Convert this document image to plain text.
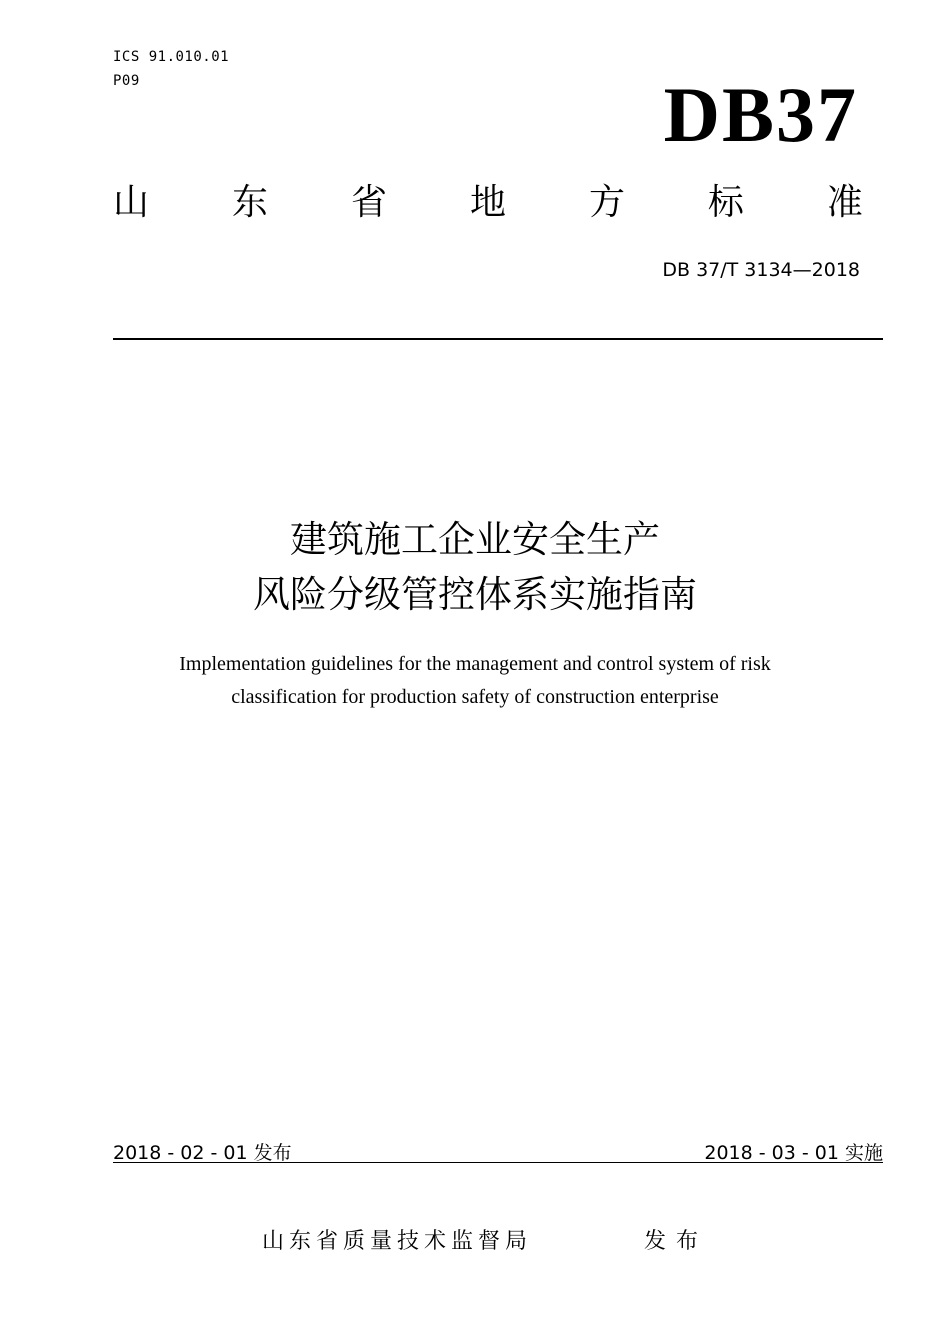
ICS 91.010.01
P09	DB37
山 东 省 地 方 标 准
DB 37/T 3134—2018
建筑施工企业安全生产
风险分级管控体系实施指南
Implementation guidelines for the management and control system of risk
classification for production safety of construction enterprise
2018 - 02 - 01 发布	2018 - 03 - 01 实施
山东省质量技术监督局	发布
